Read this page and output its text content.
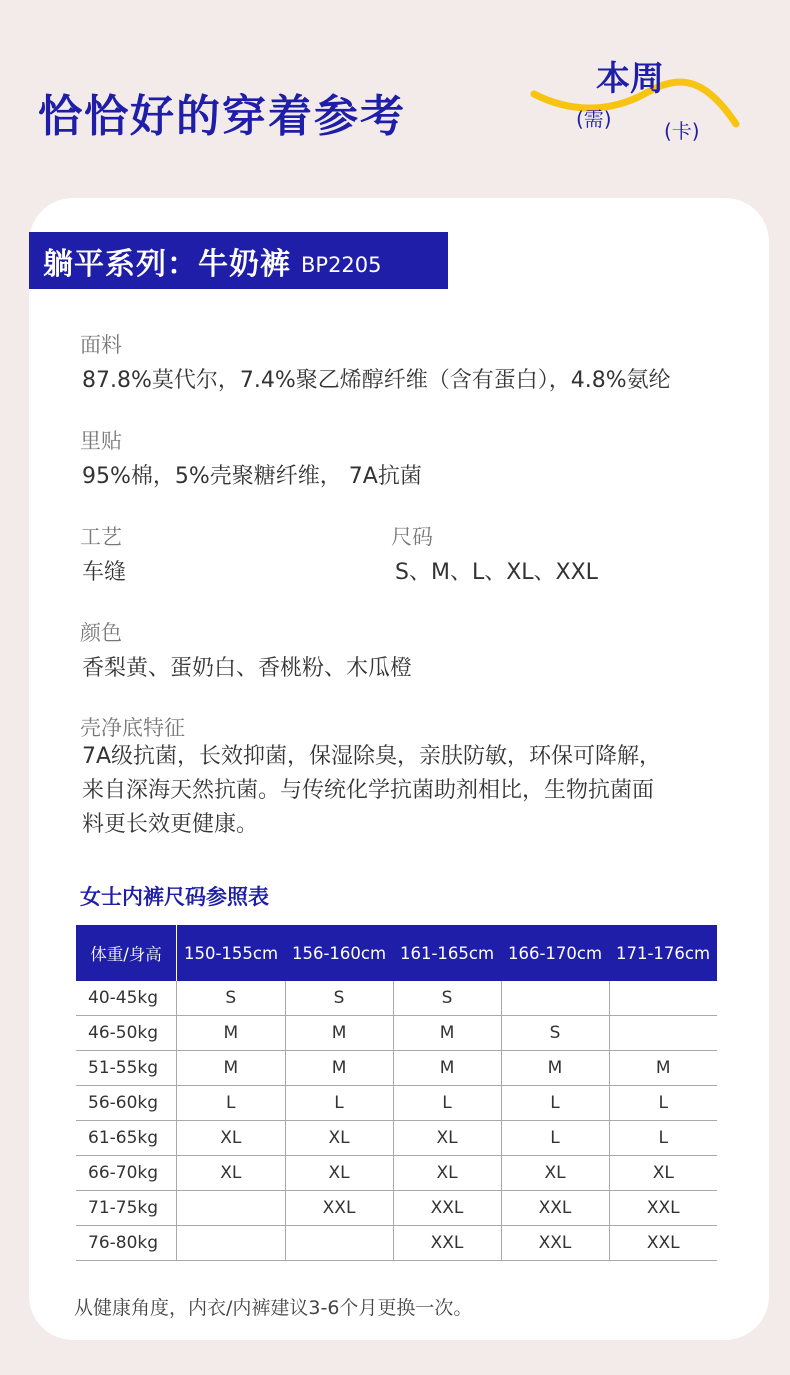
恰恰好的穿着参考
本周
(需)	(卡)
躺平系列：牛奶裤 BP2205
面料
87.8%莫代尔，7.4%聚乙烯醇纤维（含有蛋白），4.8%氨纶
里贴
95%棉，5%壳聚糖纤维， 7A抗菌
工艺
车缝
尺码
S、M、L、XL、XXL
颜色
香梨黄、蛋奶白、香桃粉、木瓜橙
壳净底特征
7A级抗菌，长效抑菌，保湿除臭，亲肤防敏，环保可降解，
来自深海天然抗菌。与传统化学抗菌助剂相比，生物抗菌面
料更长效更健康。
女士内裤尺码参照表
体重/身高	150-155cm	156-160cm	161-165cm	166-170cm	171-176cm
40-45kg	S	S	S		
46-50kg	M	M	M	S	
51-55kg	M	M	M	M	M
56-60kg	L	L	L	L	L
61-65kg	XL	XL	XL	L	L
66-70kg	XL	XL	XL	XL	XL
71-75kg		XXL	XXL	XXL	XXL
76-80kg			XXL	XXL	XXL
从健康角度，内衣/内裤建议3-6个月更换一次。
